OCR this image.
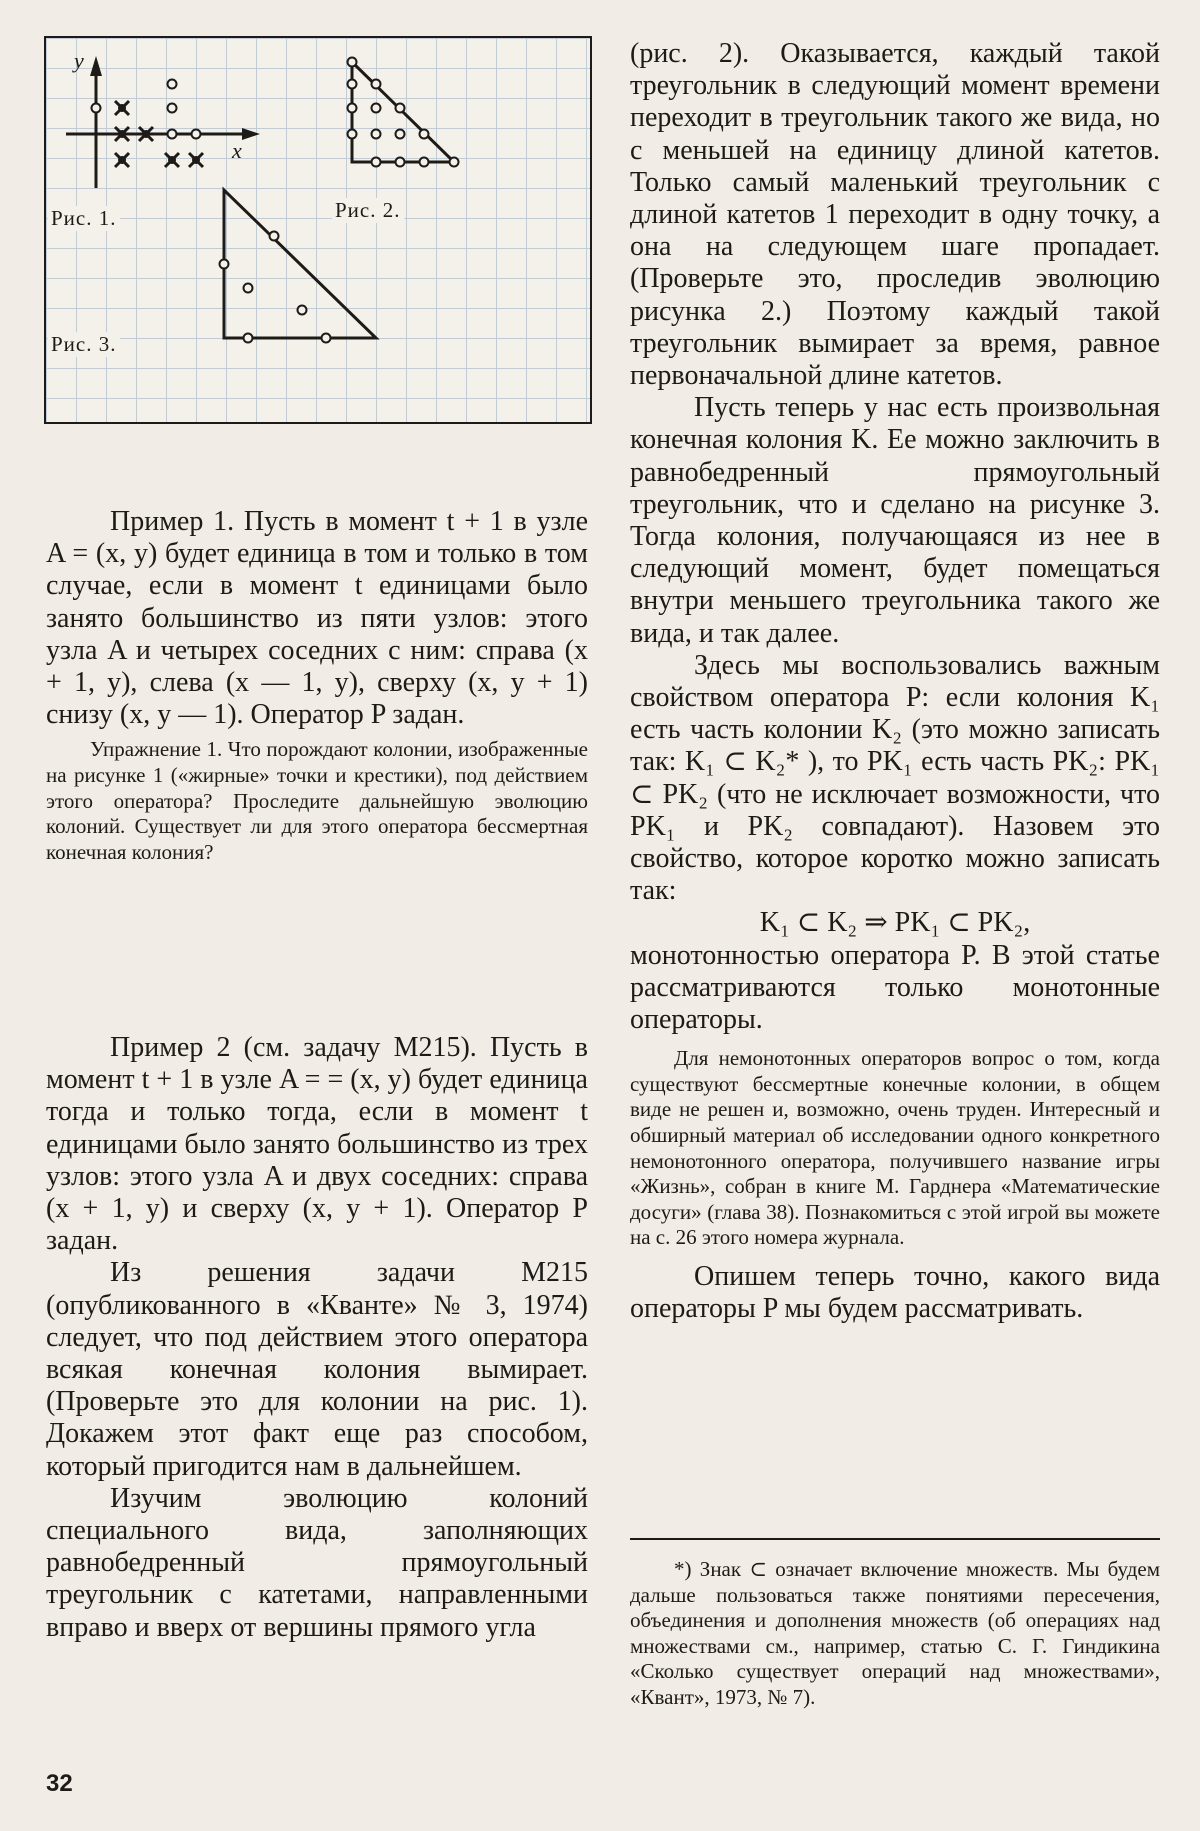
y
x
Рис. 1.	Рис. 2.
Рис. 3.

Пример 1. Пусть в момент t + 1 в узле A = (x, y) будет единица в том и только в том случае, если в момент t единицами было занято большинство из пяти узлов: этого узла A и четырех соседних с ним: справа (x + 1, y), слева (x — 1, y), сверху (x, y + 1) снизу (x, y — 1). Оператор P задан.

Упражнение 1. Что порождают колонии, изображенные на рисунке 1 («жирные» точки и крестики), под действием этого оператора? Проследите дальнейшую эволюцию колоний. Существует ли для этого оператора бессмертная конечная колония?

Пример 2 (см. задачу М215). Пусть в момент t + 1 в узле A = = (x, y) будет единица тогда и только тогда, если в момент t единицами было занято большинство из трех узлов: этого узла A и двух соседних: справа (x + 1, y) и сверху (x, y + 1). Оператор P задан.

Из решения задачи М215 (опубликованного в «Кванте» № 3, 1974) следует, что под действием этого оператора всякая конечная колония вымирает. (Проверьте это для колонии на рис. 1). Докажем этот факт еще раз способом, который пригодится нам в дальнейшем.

Изучим эволюцию колоний специального вида, заполняющих равнобедренный прямоугольный треугольник с катетами, направленными вправо и вверх от вершины прямого угла

(рис. 2). Оказывается, каждый такой треугольник в следующий момент времени переходит в треугольник такого же вида, но с меньшей на единицу длиной катетов. Только самый маленький треугольник с длиной катетов 1 переходит в одну точку, а она на следующем шаге пропадает. (Проверьте это, проследив эволюцию рисунка 2.) Поэтому каждый такой треугольник вымирает за время, равное первоначальной длине катетов.

Пусть теперь у нас есть произвольная конечная колония K. Ее можно заключить в равнобедренный прямоугольный треугольник, что и сделано на рисунке 3. Тогда колония, получающаяся из нее в следующий момент, будет помещаться внутри меньшего треугольника такого же вида, и так далее.

Здесь мы воспользовались важным свойством оператора P: если колония K₁ есть часть колонии K₂ (это можно записать так: K₁ ⊂ K₂* ), то PK₁ есть часть PK₂: PK₁ ⊂ PK₂ (что не исключает возможности, что PK₁ и PK₂ совпадают). Назовем это свойство, которое коротко можно записать так:

K₁ ⊂ K₂ ⇒ PK₁ ⊂ PK₂,

монотонностью оператора P. В этой статье рассматриваются только монотонные операторы.

Для немонотонных операторов вопрос о том, когда существуют бессмертные конечные колонии, в общем виде не решен и, возможно, очень труден. Интересный и обширный материал об исследовании одного конкретного немонотонного оператора, получившего название игры «Жизнь», собран в книге М. Гарднера «Математические досуги» (глава 38). Познакомиться с этой игрой вы можете на с. 26 этого номера журнала.

Опишем теперь точно, какого вида операторы P мы будем рассматривать.

*) Знак ⊂ означает включение множеств. Мы будем дальше пользоваться также понятиями пересечения, объединения и дополнения множеств (об операциях над множествами см., например, статью С. Г. Гиндикина «Сколько существует операций над множествами», «Квант», 1973, № 7).

32
